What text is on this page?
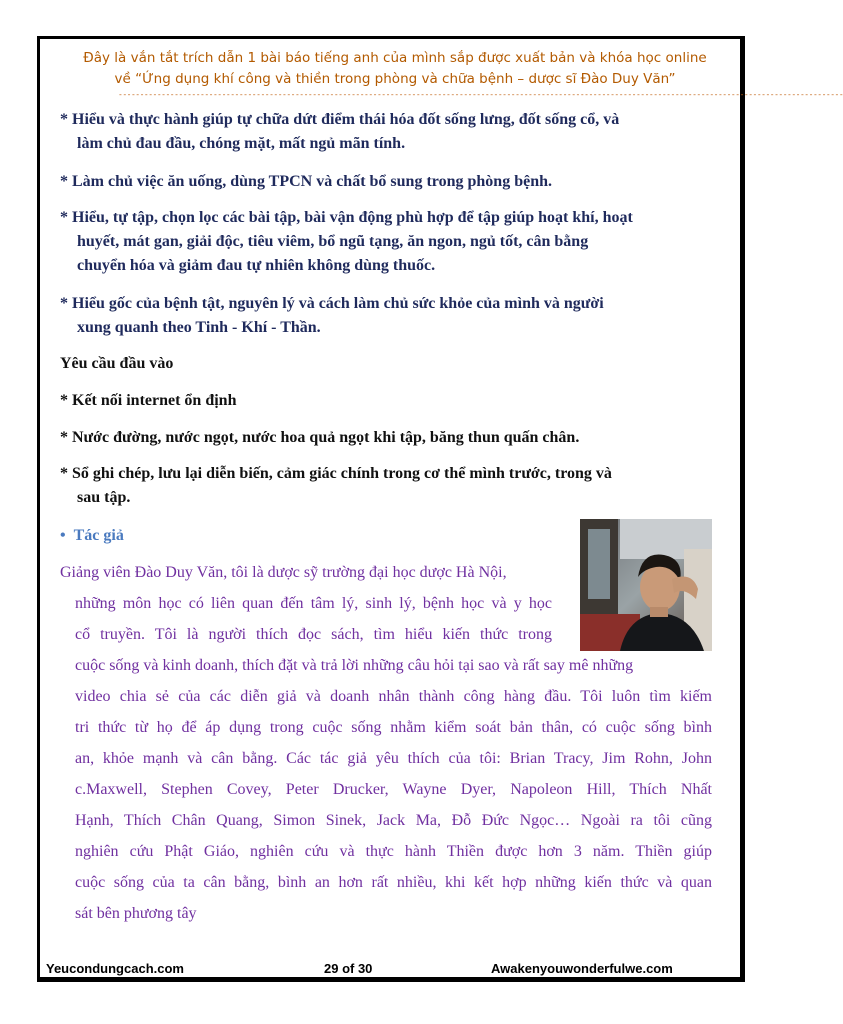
Đây là vắn tắt trích dẫn 1 bài báo tiếng anh của mình sắp được xuất bản và khóa học online
về “Ứng dụng khí công và thiền trong phòng và chữa bệnh – dược sĩ Đào Duy Văn”
------------------------------------------------------------------------------------------------------------------------------------------------------------------------
* Hiểu và thực hành giúp tự chữa dứt điểm thái hóa đốt sống lưng, đốt sống cổ, và
làm chủ đau đầu, chóng mặt, mất ngủ mãn tính.
* Làm chủ việc ăn uống, dùng TPCN và chất bổ sung trong phòng bệnh.
* Hiểu, tự tập, chọn lọc các bài tập, bài vận động phù hợp để tập giúp hoạt khí, hoạt
huyết, mát gan, giải độc, tiêu viêm, bổ ngũ tạng, ăn ngon, ngủ tốt, cân bằng
chuyển hóa và giảm đau tự nhiên không dùng thuốc.
* Hiểu gốc của bệnh tật, nguyên lý và cách làm chủ sức khỏe của mình và người
xung quanh theo Tinh - Khí - Thần.
Yêu cầu đầu vào
* Kết nối internet ổn định
* Nước đường, nước ngọt, nước hoa quả ngọt khi tập, băng thun quấn chân.
* Sổ ghi chép, lưu lại diễn biến, cảm giác chính trong cơ thể mình trước, trong và
sau tập.
• Tác giả
Giảng viên Đào Duy Văn, tôi là dược sỹ trường đại học dược Hà Nội,
những môn học có liên quan đến tâm lý, sinh lý, bệnh học và y học
cổ truyền. Tôi là người thích đọc sách, tìm hiểu kiến thức trong
cuộc sống và kinh doanh, thích đặt và trả lời những câu hỏi tại sao và rất say mê những
video chia sẻ của các diễn giả và doanh nhân thành công hàng đầu. Tôi luôn tìm kiếm
tri thức từ họ để áp dụng trong cuộc sống nhằm kiểm soát bản thân, có cuộc sống bình
an, khỏe mạnh và cân bằng. Các tác giả yêu thích của tôi: Brian Tracy, Jim Rohn, John
c.Maxwell, Stephen Covey, Peter Drucker, Wayne Dyer, Napoleon Hill, Thích Nhất
Hạnh, Thích Chân Quang, Simon Sinek, Jack Ma, Đỗ Đức Ngọc… Ngoài ra tôi cũng
nghiên cứu Phật Giáo, nghiên cứu và thực hành Thiền được hơn 3 năm. Thiền giúp
cuộc sống của ta cân bằng, bình an hơn rất nhiều, khi kết hợp những kiến thức và quan
sát bên phương tây
Yeucondungcach.com	29 of 30	Awakenyouwonderfulwe.com
